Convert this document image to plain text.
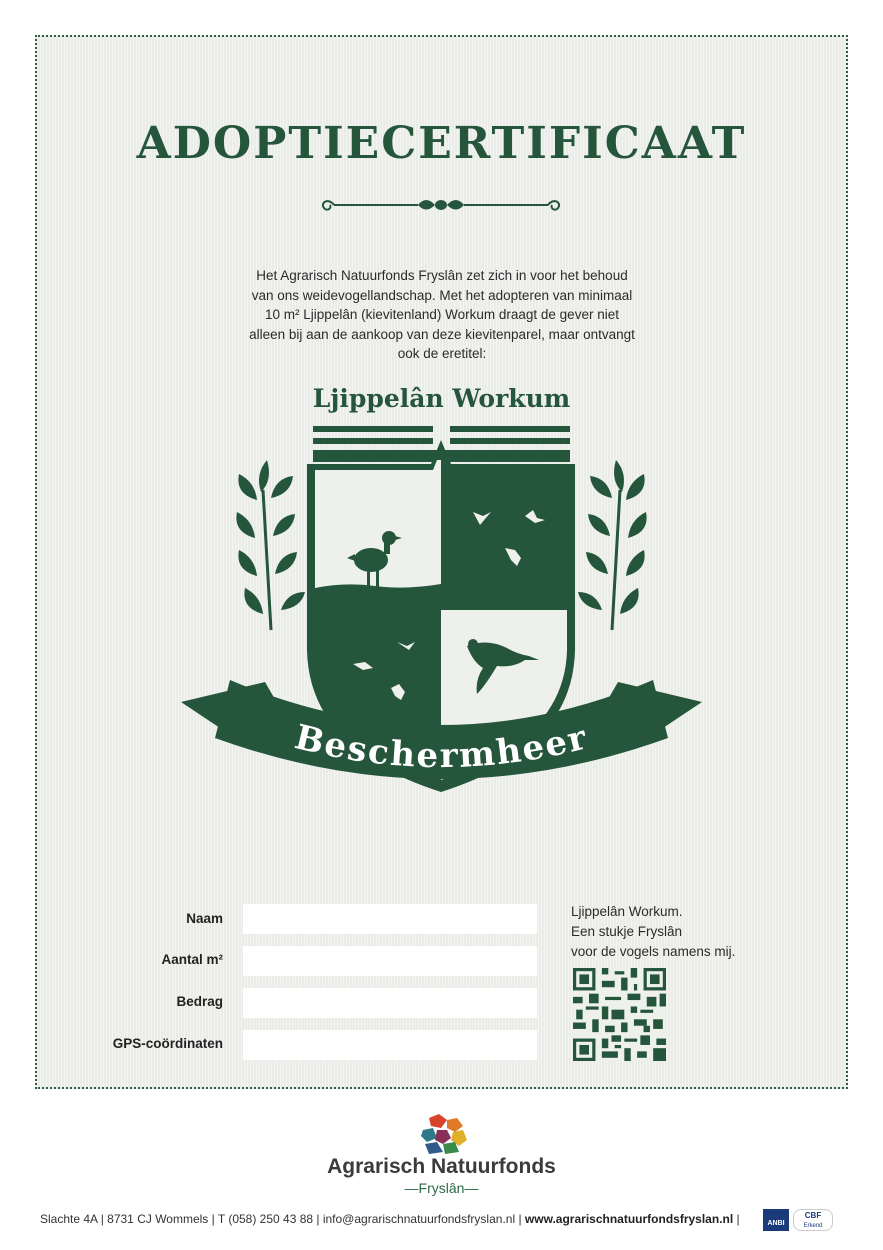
ADOPTIECERTIFICAAT
Het Agrarisch Natuurfonds Fryslân zet zich in voor het behoud van ons weidevogellandschap. Met het adopteren van minimaal 10 m² Ljippelân (kievitenland) Workum draagt de gever niet alleen bij aan de aankoop van deze kievitenparel, maar ontvangt ook de eretitel:
Ljippelân Workum
Beschermheer
Naam
Aantal m²
Bedrag
GPS-coördinaten
Ljippelân Workum.
Een stukje Fryslân
voor de vogels namens mij.
Agrarisch Natuurfonds
—Fryslân—
Slachte 4A | 8731 CJ Wommels | T (058) 250 43 88 | info@agrarischnatuurfondsfryslan.nl | www.agrarischnatuurfondsfryslan.nl |	ANBI
CBF
Erkend
